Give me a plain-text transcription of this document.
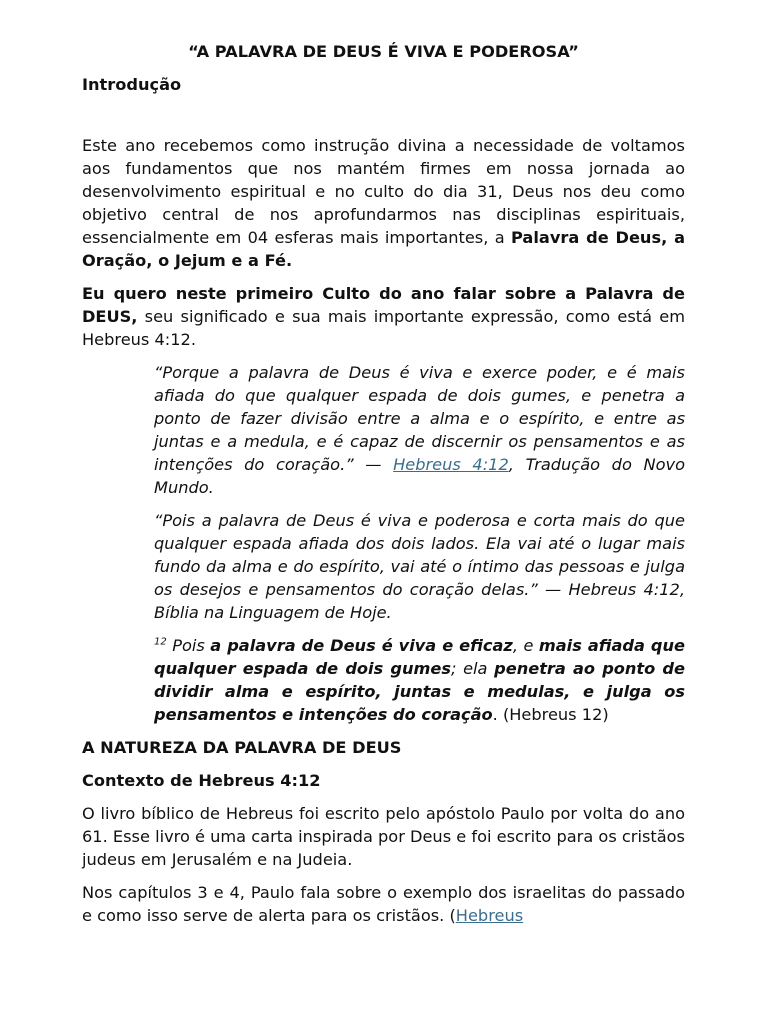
“A PALAVRA DE DEUS É VIVA E PODEROSA”
Introdução

Este ano recebemos como instrução divina a necessidade de voltamos aos fundamentos que nos mantém firmes em nossa jornada ao desenvolvimento espiritual e no culto do dia 31, Deus nos deu como objetivo central de nos aprofundarmos nas disciplinas espirituais, essencialmente em 04 esferas mais importantes, a Palavra de Deus, a Oração, o Jejum e a Fé.

Eu quero neste primeiro Culto do ano falar sobre a Palavra de DEUS, seu significado e sua mais importante expressão, como está em Hebreus 4:12.

“Porque a palavra de Deus é viva e exerce poder, e é mais afiada do que qualquer espada de dois gumes, e penetra a ponto de fazer divisão entre a alma e o espírito, e entre as juntas e a medula, e é capaz de discernir os pensamentos e as intenções do coração.” — Hebreus 4:12, Tradução do Novo Mundo.
“Pois a palavra de Deus é viva e poderosa e corta mais do que qualquer espada afiada dos dois lados. Ela vai até o lugar mais fundo da alma e do espírito, vai até o íntimo das pessoas e julga os desejos e pensamentos do coração delas.” — Hebreus 4:12, Bíblia na Linguagem de Hoje.
$^{12}$ Pois a palavra de Deus é viva e eficaz, e mais afiada que qualquer espada de dois gumes; ela penetra ao ponto de dividir alma e espírito, juntas e medulas, e julga os pensamentos e intenções do coração. (Hebreus 12)
A NATUREZA DA PALAVRA DE DEUS
Contexto de Hebreus 4:12

O livro bíblico de Hebreus foi escrito pelo apóstolo Paulo por volta do ano 61. Esse livro é uma carta inspirada por Deus e foi escrito para os cristãos judeus em Jerusalém e na Judeia.

Nos capítulos 3 e 4, Paulo fala sobre o exemplo dos israelitas do passado e como isso serve de alerta para os cristãos. (Hebreus
